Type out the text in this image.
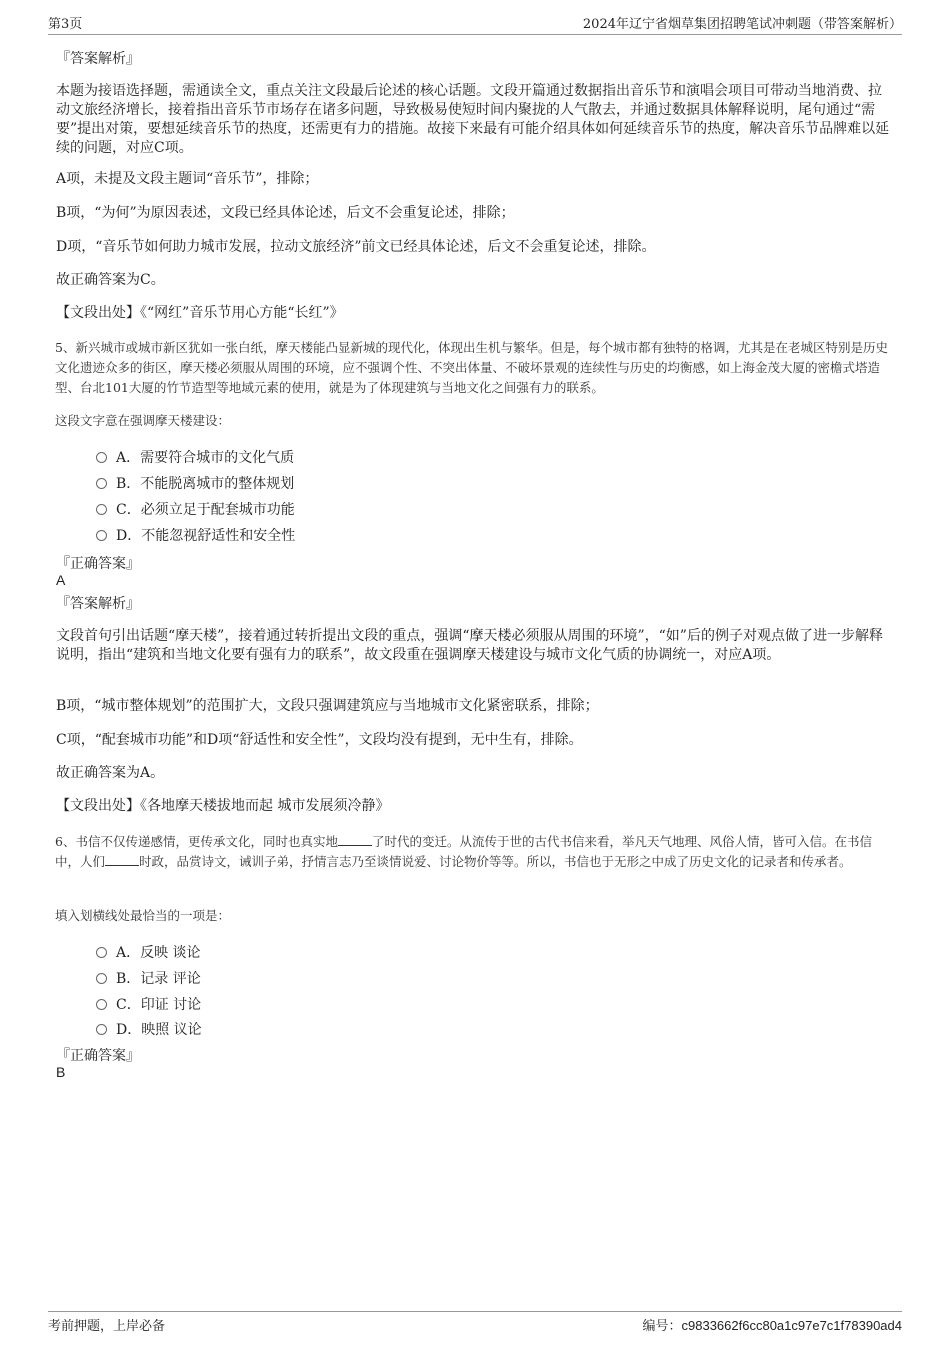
第3页	2024年辽宁省烟草集团招聘笔试冲刺题（带答案解析）
『答案解析』
本题为接语选择题，需通读全文，重点关注文段最后论述的核心话题。文段开篇通过数据指出音乐节和演唱会项目可带动当地消费、拉动文旅经济增长，接着指出音乐节市场存在诸多问题，导致极易使短时间内聚拢的人气散去，并通过数据具体解释说明，尾句通过“需要”提出对策，要想延续音乐节的热度，还需更有力的措施。故接下来最有可能介绍具体如何延续音乐节的热度，解决音乐节品牌难以延续的问题，对应C项。
A项，未提及文段主题词“音乐节”，排除；
B项，“为何”为原因表述，文段已经具体论述，后文不会重复论述，排除；
D项，“音乐节如何助力城市发展，拉动文旅经济”前文已经具体论述，后文不会重复论述，排除。
故正确答案为C。
【文段出处】《“网红”音乐节用心方能“长红”》
5、新兴城市或城市新区犹如一张白纸，摩天楼能凸显新城的现代化，体现出生机与繁华。但是，每个城市都有独特的格调，尤其是在老城区特别是历史文化遗迹众多的街区，摩天楼必须服从周围的环境，应不强调个性、不突出体量、不破坏景观的连续性与历史的均衡感，如上海金茂大厦的密檐式塔造型、台北101大厦的竹节造型等地域元素的使用，就是为了体现建筑与当地文化之间强有力的联系。
这段文字意在强调摩天楼建设：
A．需要符合城市的文化气质
B．不能脱离城市的整体规划
C．必须立足于配套城市功能
D．不能忽视舒适性和安全性
『正确答案』
A
『答案解析』
文段首句引出话题“摩天楼”，接着通过转折提出文段的重点，强调“摩天楼必须服从周围的环境”，“如”后的例子对观点做了进一步解释说明，指出“建筑和当地文化要有强有力的联系”，故文段重在强调摩天楼建设与城市文化气质的协调统一，对应A项。
B项，“城市整体规划”的范围扩大，文段只强调建筑应与当地城市文化紧密联系，排除；
C项，“配套城市功能”和D项“舒适性和安全性”，文段均没有提到，无中生有，排除。
故正确答案为A。
【文段出处】《各地摩天楼拔地而起 城市发展须冷静》
6、书信不仅传递感情，更传承文化，同时也真实地	了时代的变迁。从流传于世的古代书信来看，举凡天气地理、风俗人情，皆可入信。在书信中，人们	时政，品赏诗文，诫训子弟，抒情言志乃至谈情说爱、讨论物价等等。所以，书信也于无形之中成了历史文化的记录者和传承者。
填入划横线处最恰当的一项是：
A．反映 谈论
B．记录 评论
C．印证 讨论
D．映照 议论
『正确答案』
B
考前押题，上岸必备	编号：c9833662f6cc80a1c97e7c1f78390ad4
